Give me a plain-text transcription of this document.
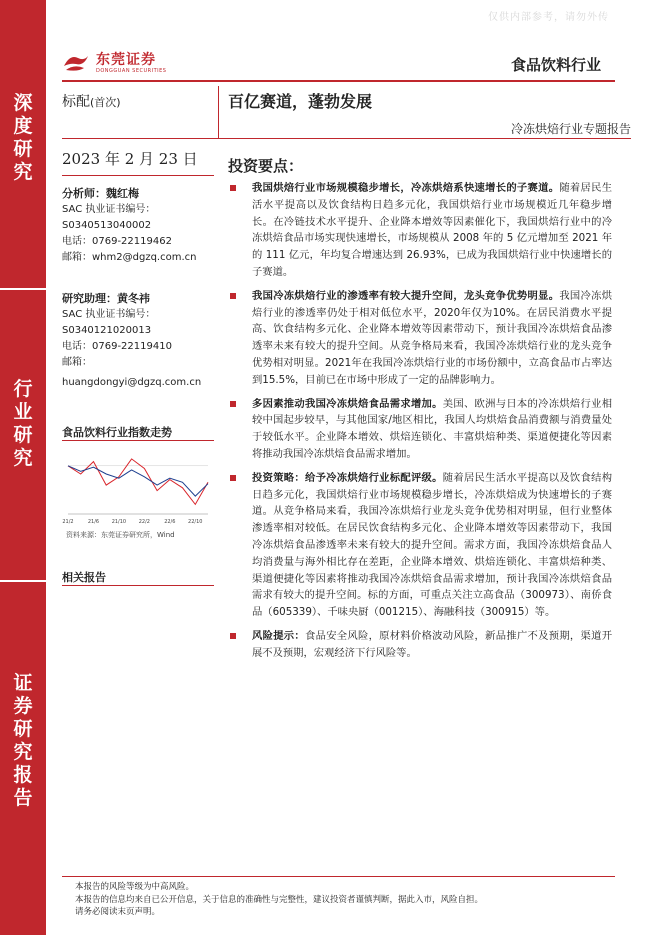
仅供内部参考，请勿外传
深
度
研
究
行
业
研
究
证
券
研
究
报
告
东莞证券
DONGGUAN SECURITIES	食品饮料行业
标配(首次)	百亿赛道，蓬勃发展
冷冻烘焙行业专题报告
2023 年 2 月 23 日
分析师：魏红梅
SAC 执业证书编号：
S0340513040002
电话：0769-22119462
邮箱：whm2@dgzq.com.cn
研究助理：黄冬祎
SAC 执业证书编号：
S0340121020013
电话：0769-22119410
邮箱：
huangdongyi@dgzq.com.cn
食品饮料行业指数走势
21/2	21/6	21/10	22/2	22/6	22/10
资料来源：东莞证券研究所，Wind
相关报告
投资要点：
我国烘焙行业市场规模稳步增长，冷冻烘焙系快速增长的子赛道。随着居民生活水平提高以及饮食结构日趋多元化，我国烘焙行业市场规模近几年稳步增长。在冷链技术水平提升、企业降本增效等因素催化下，我国烘焙行业中的冷冻烘焙食品市场实现快速增长，市场规模从 2008 年的 5 亿元增加至 2021 年的 111 亿元，年均复合增速达到 26.93%，已成为我国烘焙行业中快速增长的子赛道。
我国冷冻烘焙行业的渗透率有较大提升空间，龙头竞争优势明显。我国冷冻烘焙行业的渗透率仍处于相对低位水平，2020年仅为10%。在居民消费水平提高、饮食结构多元化、企业降本增效等因素带动下，预计我国冷冻烘焙食品渗透率未来有较大的提升空间。从竞争格局来看，我国冷冻烘焙行业的龙头竞争优势相对明显。2021年在我国冷冻烘焙行业的市场份额中，立高食品市占率达到15.5%，目前已在市场中形成了一定的品牌影响力。
多因素推动我国冷冻烘焙食品需求增加。美国、欧洲与日本的冷冻烘焙行业相较中国起步较早，与其他国家/地区相比，我国人均烘焙食品消费额与消费量处于较低水平。企业降本增效、烘焙连锁化、丰富烘焙种类、渠道便捷化等因素将推动我国冷冻烘焙食品需求增加。
投资策略：给予冷冻烘焙行业标配评级。随着居民生活水平提高以及饮食结构日趋多元化，我国烘焙行业市场规模稳步增长，冷冻烘焙成为快速增长的子赛道。从竞争格局来看，我国冷冻烘焙行业龙头竞争优势相对明显，但行业整体渗透率相对较低。在居民饮食结构多元化、企业降本增效等因素带动下，我国冷冻烘焙食品渗透率未来有较大的提升空间。需求方面，我国冷冻烘焙食品人均消费量与海外相比存在差距，企业降本增效、烘焙连锁化、丰富烘焙种类、渠道便捷化等因素将推动我国冷冻烘焙食品需求增加，预计我国冷冻烘焙食品需求有较大的提升空间。标的方面，可重点关注立高食品（300973）、南侨食品（605339）、千味央厨（001215）、海融科技（300915）等。
风险提示：食品安全风险，原材料价格波动风险，新品推广不及预期，渠道开展不及预期，宏观经济下行风险等。
本报告的风险等级为中高风险。
本报告的信息均来自已公开信息，关于信息的准确性与完整性，建议投资者谨慎判断，据此入市，风险自担。
请务必阅读末页声明。
